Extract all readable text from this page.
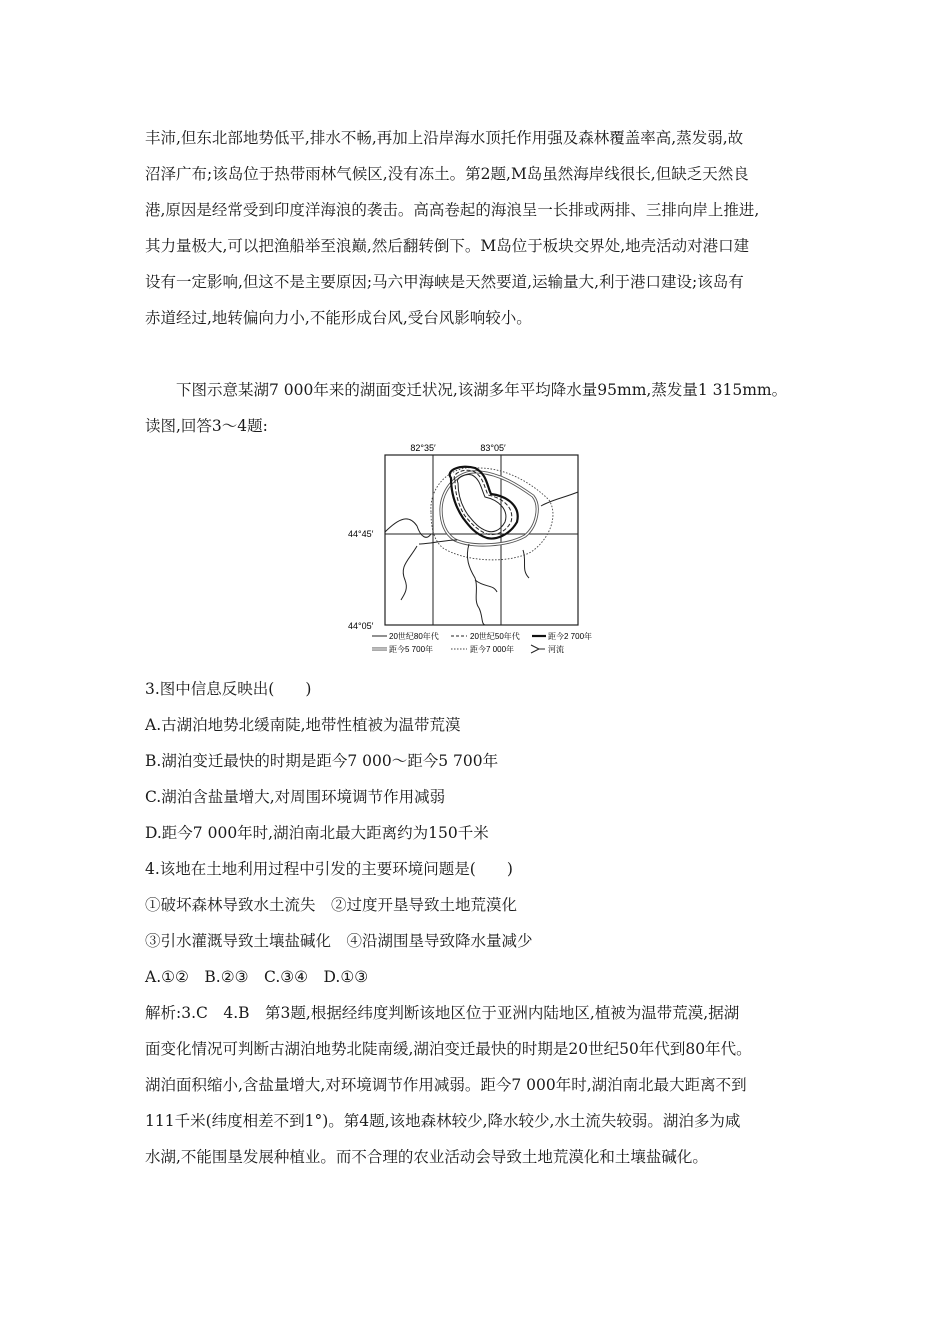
丰沛,但东北部地势低平,排水不畅,再加上沿岸海水顶托作用强及森林覆盖率高,蒸发弱,故

沼泽广布;该岛位于热带雨林气候区,没有冻土。第2题,M岛虽然海岸线很长,但缺乏天然良

港,原因是经常受到印度洋海浪的袭击。高高卷起的海浪呈一长排或两排、三排向岸上推进,

其力量极大,可以把渔船举至浪巅,然后翻转倒下。M岛位于板块交界处,地壳活动对港口建

设有一定影响,但这不是主要原因;马六甲海峡是天然要道,运输量大,利于港口建设;该岛有

赤道经过,地转偏向力小,不能形成台风,受台风影响较小。

下图示意某湖7 000年来的湖面变迁状况,该湖多年平均降水量95mm,蒸发量1 315mm。

读图,回答3～4题:

82°35′	83°05′
44°45′
44°05′
20世纪80年代	20世纪50年代	距今2 700年
距今5 700年	距今7 000年	河流
3.图中信息反映出(　　)
A.古湖泊地势北缓南陡,地带性植被为温带荒漠
B.湖泊变迁最快的时期是距今7 000～距今5 700年
C.湖泊含盐量增大,对周围环境调节作用减弱
D.距今7 000年时,湖泊南北最大距离约为150千米
4.该地在土地利用过程中引发的主要环境问题是(　　)
①破坏森林导致水土流失　②过度开垦导致土地荒漠化
③引水灌溉导致土壤盐碱化　④沿湖围垦导致降水量减少
A.①②　B.②③　C.③④　D.①③

解析:3.C　4.B　第3题,根据经纬度判断该地区位于亚洲内陆地区,植被为温带荒漠,据湖

面变化情况可判断古湖泊地势北陡南缓,湖泊变迁最快的时期是20世纪50年代到80年代。

湖泊面积缩小,含盐量增大,对环境调节作用减弱。距今7 000年时,湖泊南北最大距离不到

111千米(纬度相差不到1°)。第4题,该地森林较少,降水较少,水土流失较弱。湖泊多为咸

水湖,不能围垦发展种植业。而不合理的农业活动会导致土地荒漠化和土壤盐碱化。
